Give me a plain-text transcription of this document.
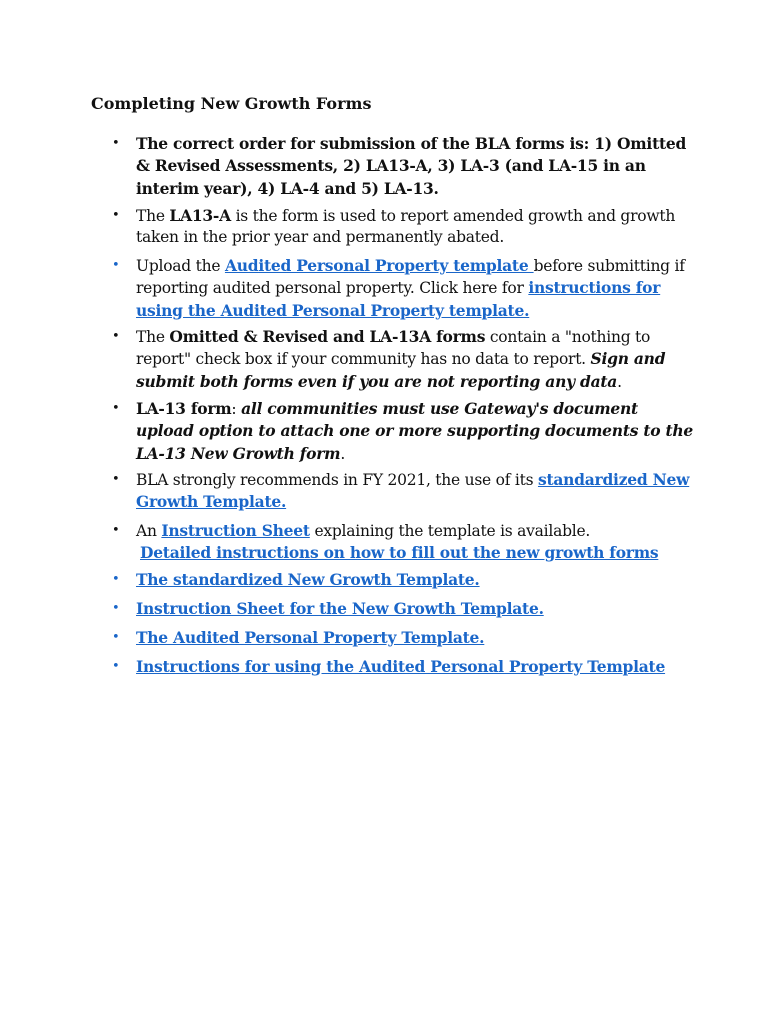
Completing New Growth Forms
• The correct order for submission of the BLA forms is: 1) Omitted & Revised Assessments, 2) LA13-A, 3) LA-3 (and LA-15 in an interim year), 4) LA-4 and 5) LA-13.
• The LA13-A is the form is used to report amended growth and growth taken in the prior year and permanently abated.
• Upload the Audited Personal Property template before submitting if reporting audited personal property. Click here for instructions for using the Audited Personal Property template.
• The Omitted & Revised and LA-13A forms contain a "nothing to report" check box if your community has no data to report. Sign and submit both forms even if you are not reporting any data.
• LA-13 form: all communities must use Gateway's document upload option to attach one or more supporting documents to the LA-13 New Growth form.
• BLA strongly recommends in FY 2021, the use of its standardized New Growth Template.
• An Instruction Sheet explaining the template is available.
Detailed instructions on how to fill out the new growth forms
• The standardized New Growth Template.
• Instruction Sheet for the New Growth Template.
• The Audited Personal Property Template.
• Instructions for using the Audited Personal Property Template
